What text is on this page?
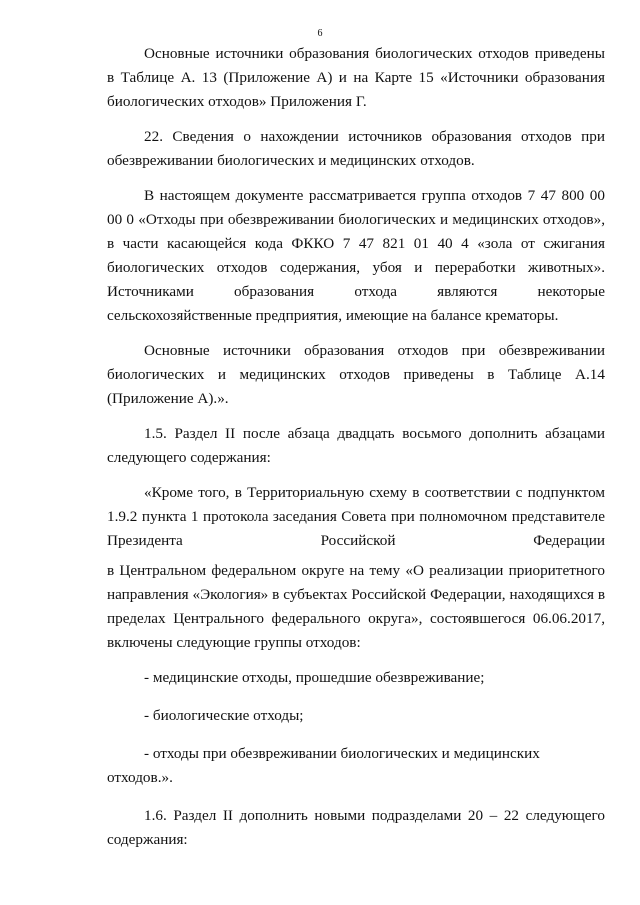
6

Основные источники образования биологических отходов приведены в Таблице А. 13 (Приложение А) и на Карте 15 «Источники образования биологических отходов» Приложения Г.

22. Сведения о нахождении источников образования отходов при обезвреживании биологических и медицинских отходов.

В настоящем документе рассматривается группа отходов 7 47 800 00 00 0 «Отходы при обезвреживании биологических и медицинских отходов», в части касающейся кода ФККО 7 47 821 01 40 4 «зола от сжигания биологических отходов содержания, убоя и переработки животных». Источниками образования отхода являются некоторые сельскохозяйственные предприятия, имеющие на балансе крематоры.

Основные источники образования отходов при обезвреживании биологических и медицинских отходов приведены в Таблице А.14 (Приложение А).».

1.5. Раздел II после абзаца двадцать восьмого дополнить абзацами следующего содержания:

«Кроме того, в Территориальную схему в соответствии с подпунктом 1.9.2 пункта 1 протокола заседания Совета при полномочном представителе Президента Российской Федерации

в Центральном федеральном округе на тему «О реализации приоритетного направления «Экология» в субъектах Российской Федерации, находящихся в пределах Центрального федерального округа», состоявшегося 06.06.2017, включены следующие группы отходов:

- медицинские отходы, прошедшие обезвреживание;

- биологические отходы;

- отходы при обезвреживании биологических и медицинских отходов.».

1.6. Раздел II дополнить новыми подразделами 20 – 22 следующего содержания:
